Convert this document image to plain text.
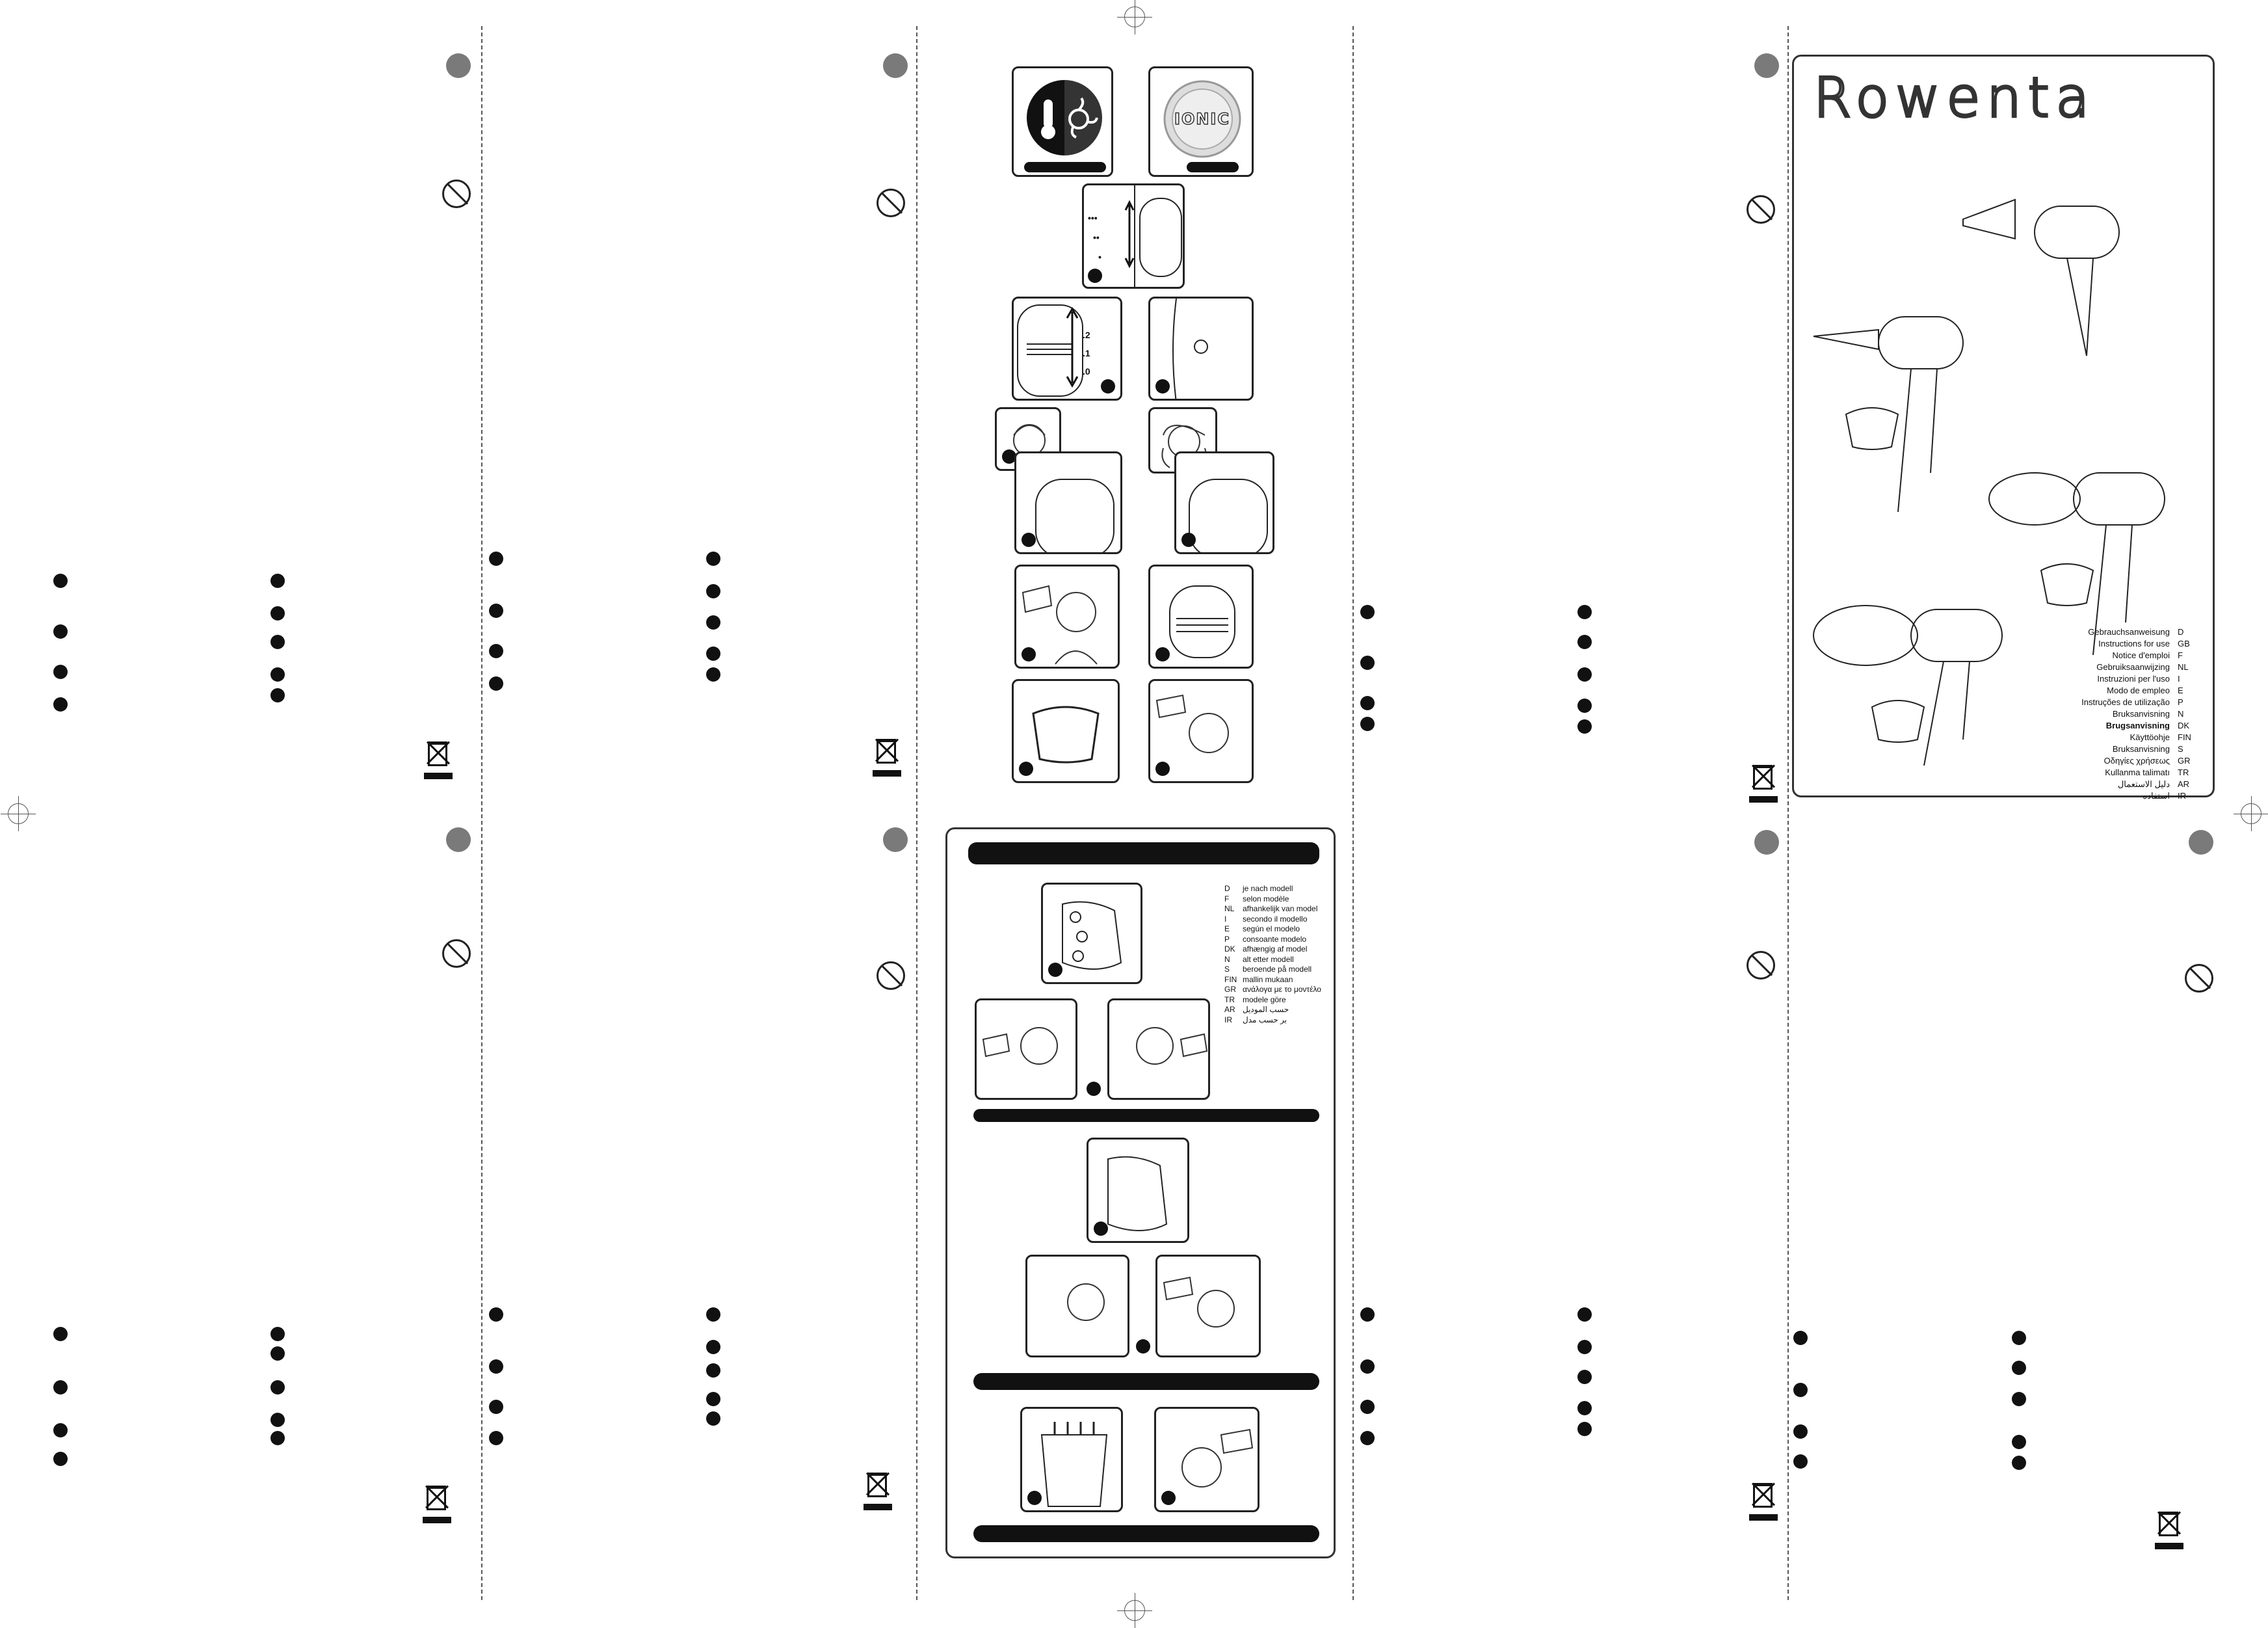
IONIC
•••
••
•
.2
.1
.0
D	je nach modell
F	selon modèle
NL	afhankelijk van model
I	secondo il modello
E	según el modelo
P	consoante modelo
DK afhængig af model
N	alt etter modell
S	beroende på modell
FIN mallin mukaan
GR ανάλογα με το μοντέλο
TR	modele göre
AR حسب الموديل
IR	بر حسب مدل
Rowenta
Gebrauchsanweisung D
Instructions for use GB
Notice d'emploi F
Gebruiksaanwijzing NL
Instruzioni per l'uso I
Modo de empleo E
Instruções de utilização P
Bruksanvisning N
Brugsanvisning DK
Käyttöohje FIN
Bruksanvisning S
Οδηγίες χρήσεως GR
Kullanma talimatı TR
دليل الاستعمال AR
استفاده IR
